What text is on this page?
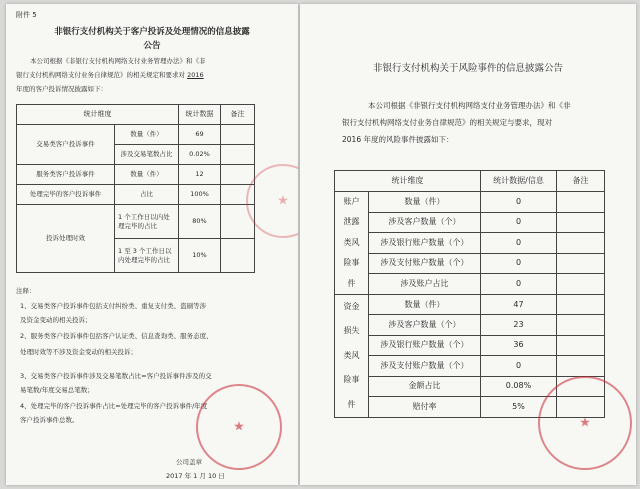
附件 5
非银行支付机构关于客户投诉及处理情况的信息披露
公告
本公司根据《非银行支付机构网络支付业务管理办法》和《非
银行支付机构网络支付业务自律规范》的相关规定和要求对 2016
年度的客户投诉情况披露如下：
统计维度		统计数据	备注
交易类客户投诉事件	数量（件）	69	
	涉及交易笔数占比	0.02%	
服务类客户投诉事件	数量（件）	12	
处理完毕的客户投诉事件	占比	100%	
投诉处理时效	1 个工作日以内处
理完毕的占比	80%	
	1 至 3 个工作日以
内处理完毕的占比	10%	
注释：
1、交易类客户投诉事件包括支付纠纷类、重复支付类、盗刷等涉
及资金变动的相关投诉；
2、服务类客户投诉事件包括客户认证类、信息查询类、服务态度、
处理时效等不涉及资金变动的相关投诉；
3、交易类客户投诉事件涉及交易笔数占比=客户投诉事件涉及的交
易笔数/年度交易总笔数；
4、处理完毕的客户投诉事件占比=处理完毕的客户投诉事件/年度
客户投诉事件总数。	★
★
公司盖章
2017 年 1 月 10 日
非银行支付机构关于风险事件的信息披露公告
本公司根据《非银行支付机构网络支付业务管理办法》和《非
银行支付机构网络支付业务自律规范》的相关规定与要求，现对
2016 年度的风险事件披露如下：
统计维度		统计数据/信息	备注
账户
泄露
类风
险事
件	数量（件）	0	
	涉及客户数量（个）	0	
	涉及银行账户数量（个）	0	
	涉及支付账户数量（个）	0	
	涉及账户占比	0	
资金
损失
类风
险事
件	数量（件）	47	
	涉及客户数量（个）	23	
	涉及银行账户数量（个）	36	
	涉及支付账户数量（个）	0	
	金额占比	0.08%	
	赔付率	5%	
★
